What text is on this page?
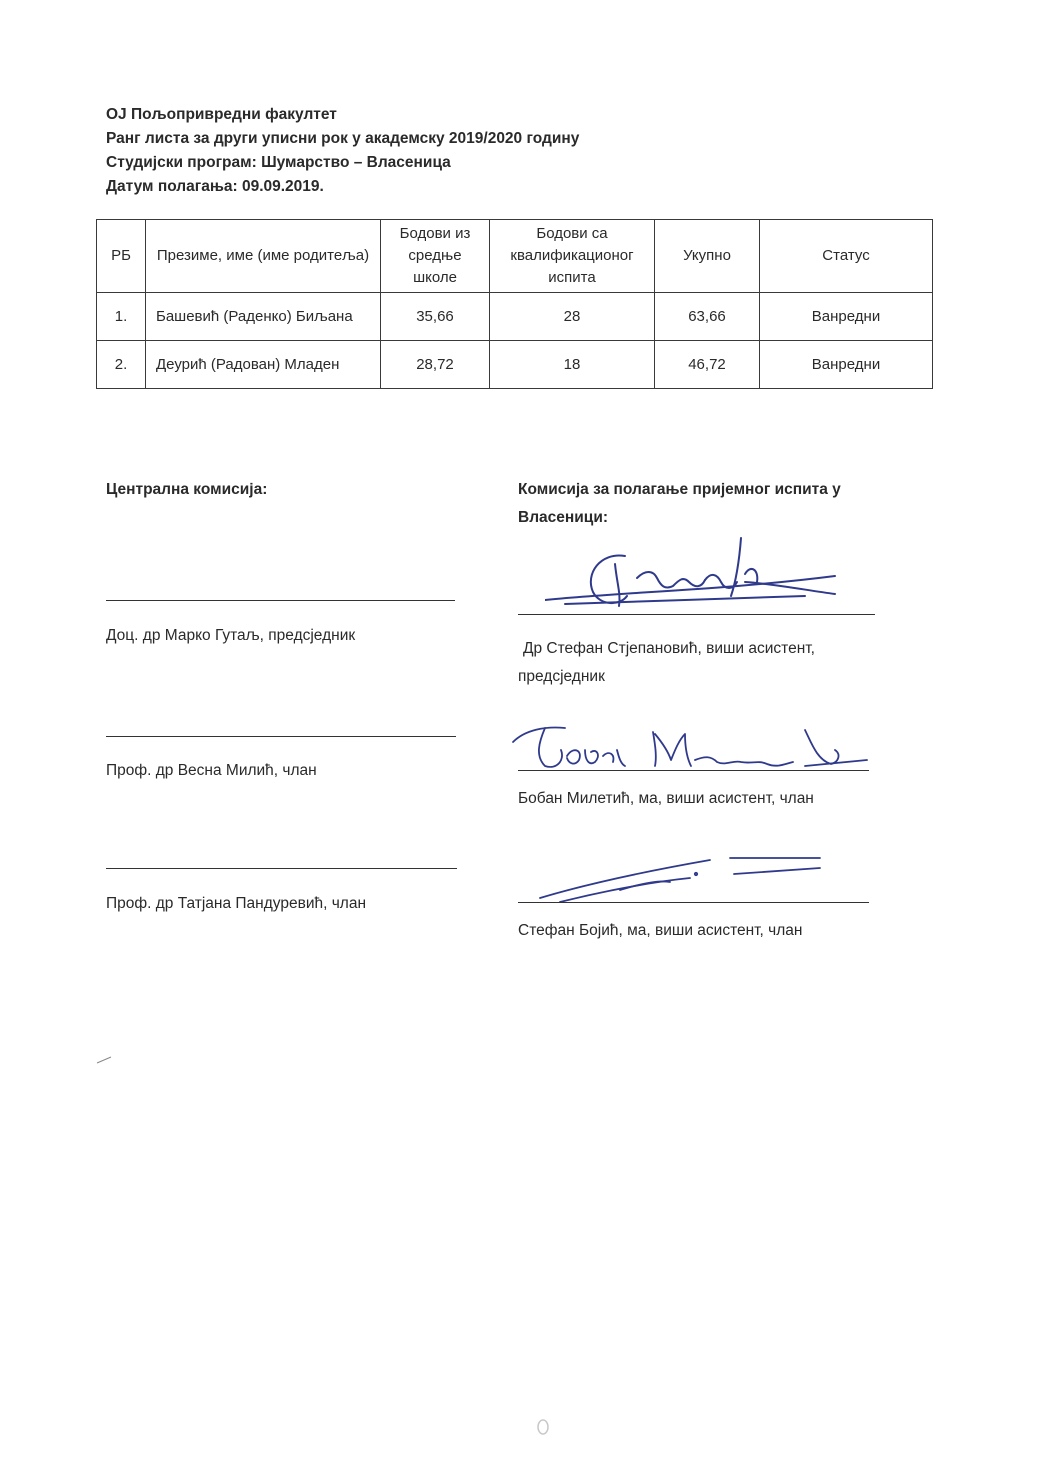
ОЈ Пољопривредни факултет
Ранг листа за други уписни рок у академску 2019/2020 годину
Студијски програм: Шумарство – Власеница
Датум полагања: 09.09.2019.
РБ	Презиме, име (име родитеља)	Бодови из средње школе	Бодови са квалификационог испита	Укупно	Статус
1.	Башевић (Раденко) Биљана	35,66	28	63,66	Ванредни
2.	Деурић (Радован) Младен	28,72	18	46,72	Ванредни
Централна комисија:
Доц. др Марко Гутаљ, предсједник
Проф. др Весна Милић, члан
Проф. др Татјана Пандуревић, члан
Комисија за полагање пријемног испита у
Власеници:
Др Стефан Стјепановић, виши асистент,
предсједник
Бобан Милетић, ма, виши асистент, члан
Стефан Бојић, ма, виши асистент, члан
